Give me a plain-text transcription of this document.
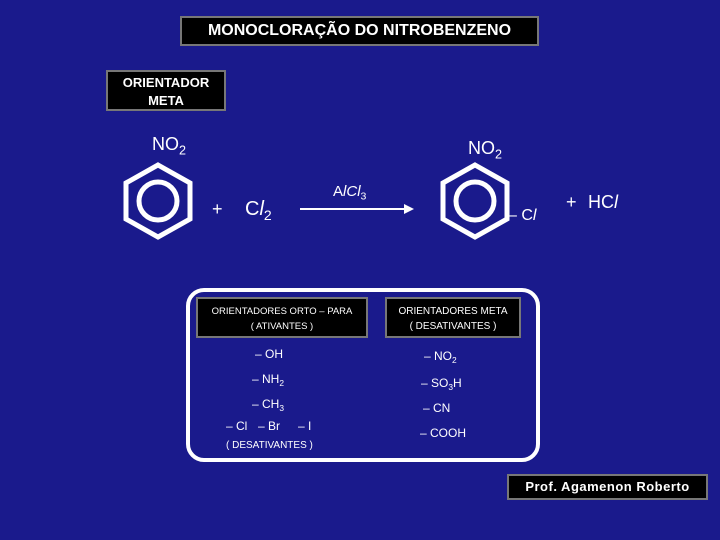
MONOCLORAÇÃO DO NITROBENZENO
ORIENTADOR
META
$NO_2$	$NO_2$
+ $Cl_2$
AlCl$_3$
– Cl
+ HCl
ORIENTADORES ORTO – PARA
( ATIVANTES )
ORIENTADORES META
( DESATIVANTES )
– OH
– $NH_2$
– $CH_3$
– Cl – Br – I
( DESATIVANTES )
– $NO_2$
– $SO_3H$
– CN
– COOH
Prof. Agamenon Roberto
